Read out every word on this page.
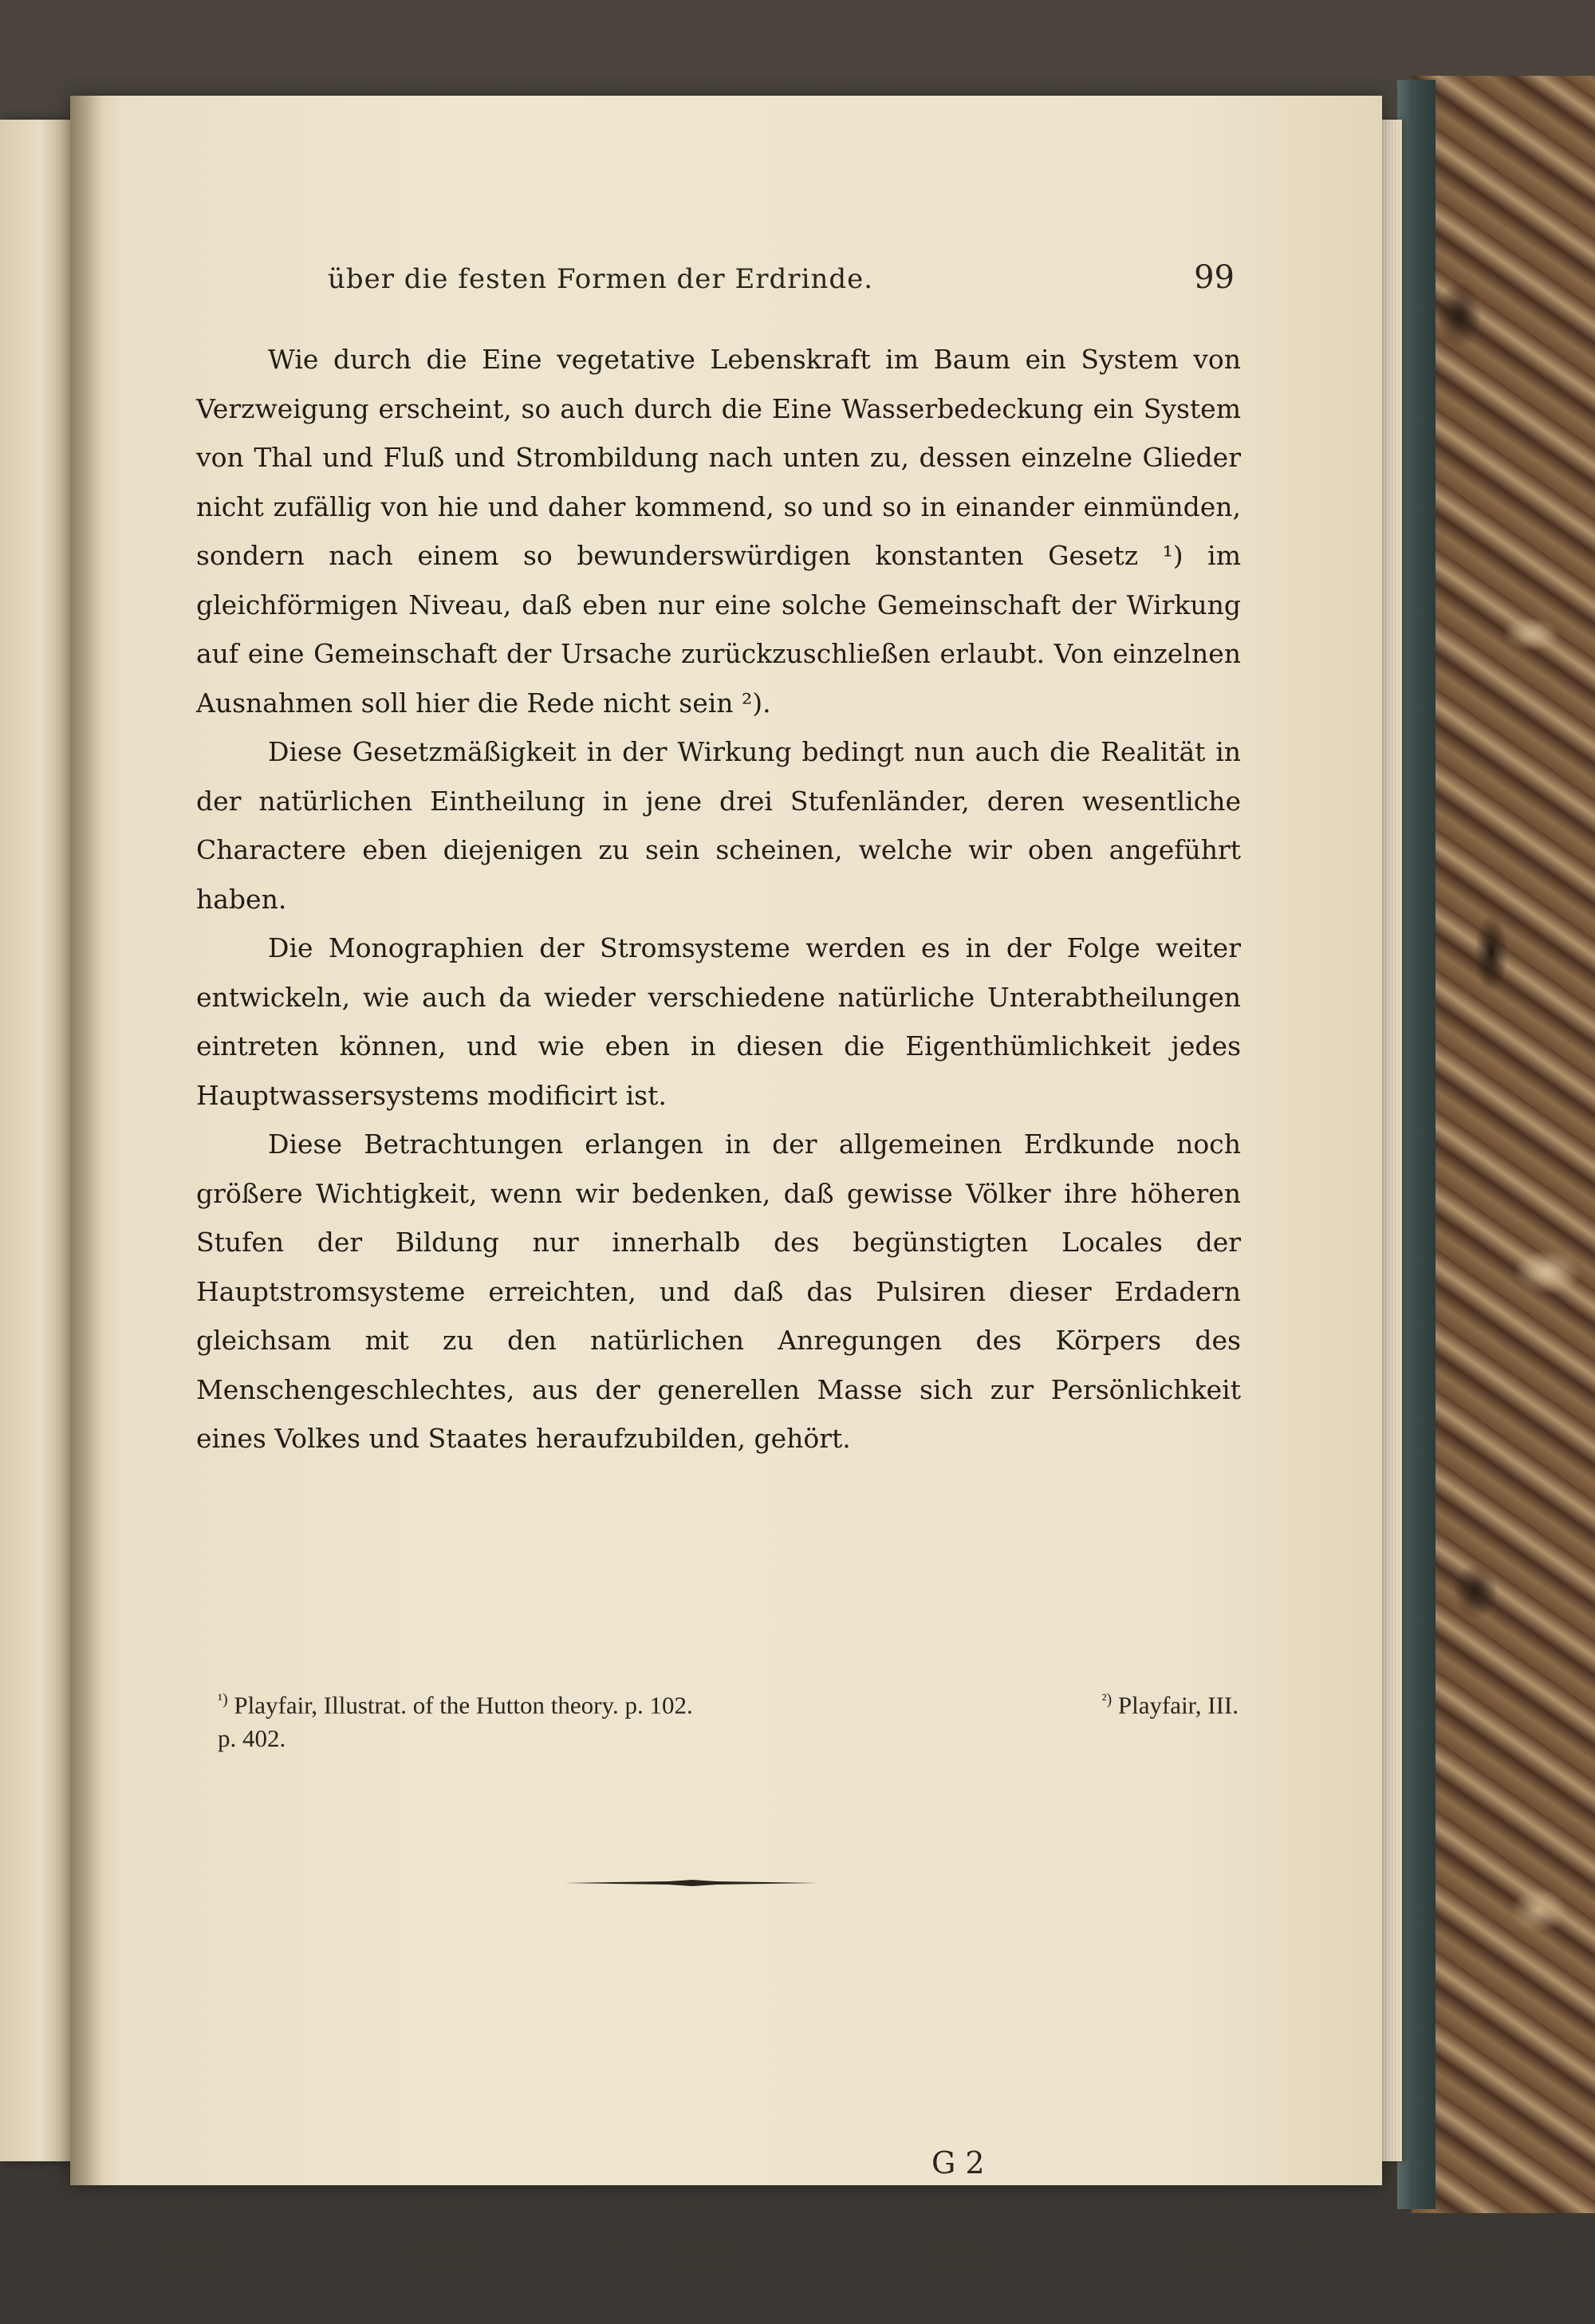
über die festen Formen der Erdrinde.	99

Wie durch die Eine vegetative Lebenskraft im Baum ein System von Verzweigung erscheint, so auch durch die Eine Wasserbedeckung ein System von Thal und Fluß und Strombildung nach unten zu, dessen einzelne Glieder nicht zufällig von hie und daher kommend, so und so in einander einmünden, sondern nach einem so bewunderswürdigen konstanten Gesetz ¹) im gleichförmigen Niveau, daß eben nur eine solche Gemeinschaft der Wirkung auf eine Gemeinschaft der Ursache zurückzuschließen erlaubt. Von einzelnen Ausnahmen soll hier die Rede nicht sein ²).

Diese Gesetzmäßigkeit in der Wirkung bedingt nun auch die Realität in der natürlichen Eintheilung in jene drei Stufenländer, deren wesentliche Charactere eben diejenigen zu sein scheinen, welche wir oben angeführt haben.

Die Monographien der Stromsysteme werden es in der Folge weiter entwickeln, wie auch da wieder verschiedene natürliche Unterabtheilungen eintreten können, und wie eben in diesen die Eigenthümlichkeit jedes Hauptwassersystems modificirt ist.

Diese Betrachtungen erlangen in der allgemeinen Erdkunde noch größere Wichtigkeit, wenn wir bedenken, daß gewisse Völker ihre höheren Stufen der Bildung nur innerhalb des begünstigten Locales der Hauptstromsysteme erreichten, und daß das Pulsiren dieser Erdadern gleichsam mit zu den natürlichen Anregungen des Körpers des Menschengeschlechtes, aus der generellen Masse sich zur Persönlichkeit eines Volkes und Staates heraufzubilden, gehört.

$^{^1)}$ Playfair, Illustrat. of the Hutton theory. p. 102.	$^{^2)}$ Playfair, III.
p. 402.
G 2
